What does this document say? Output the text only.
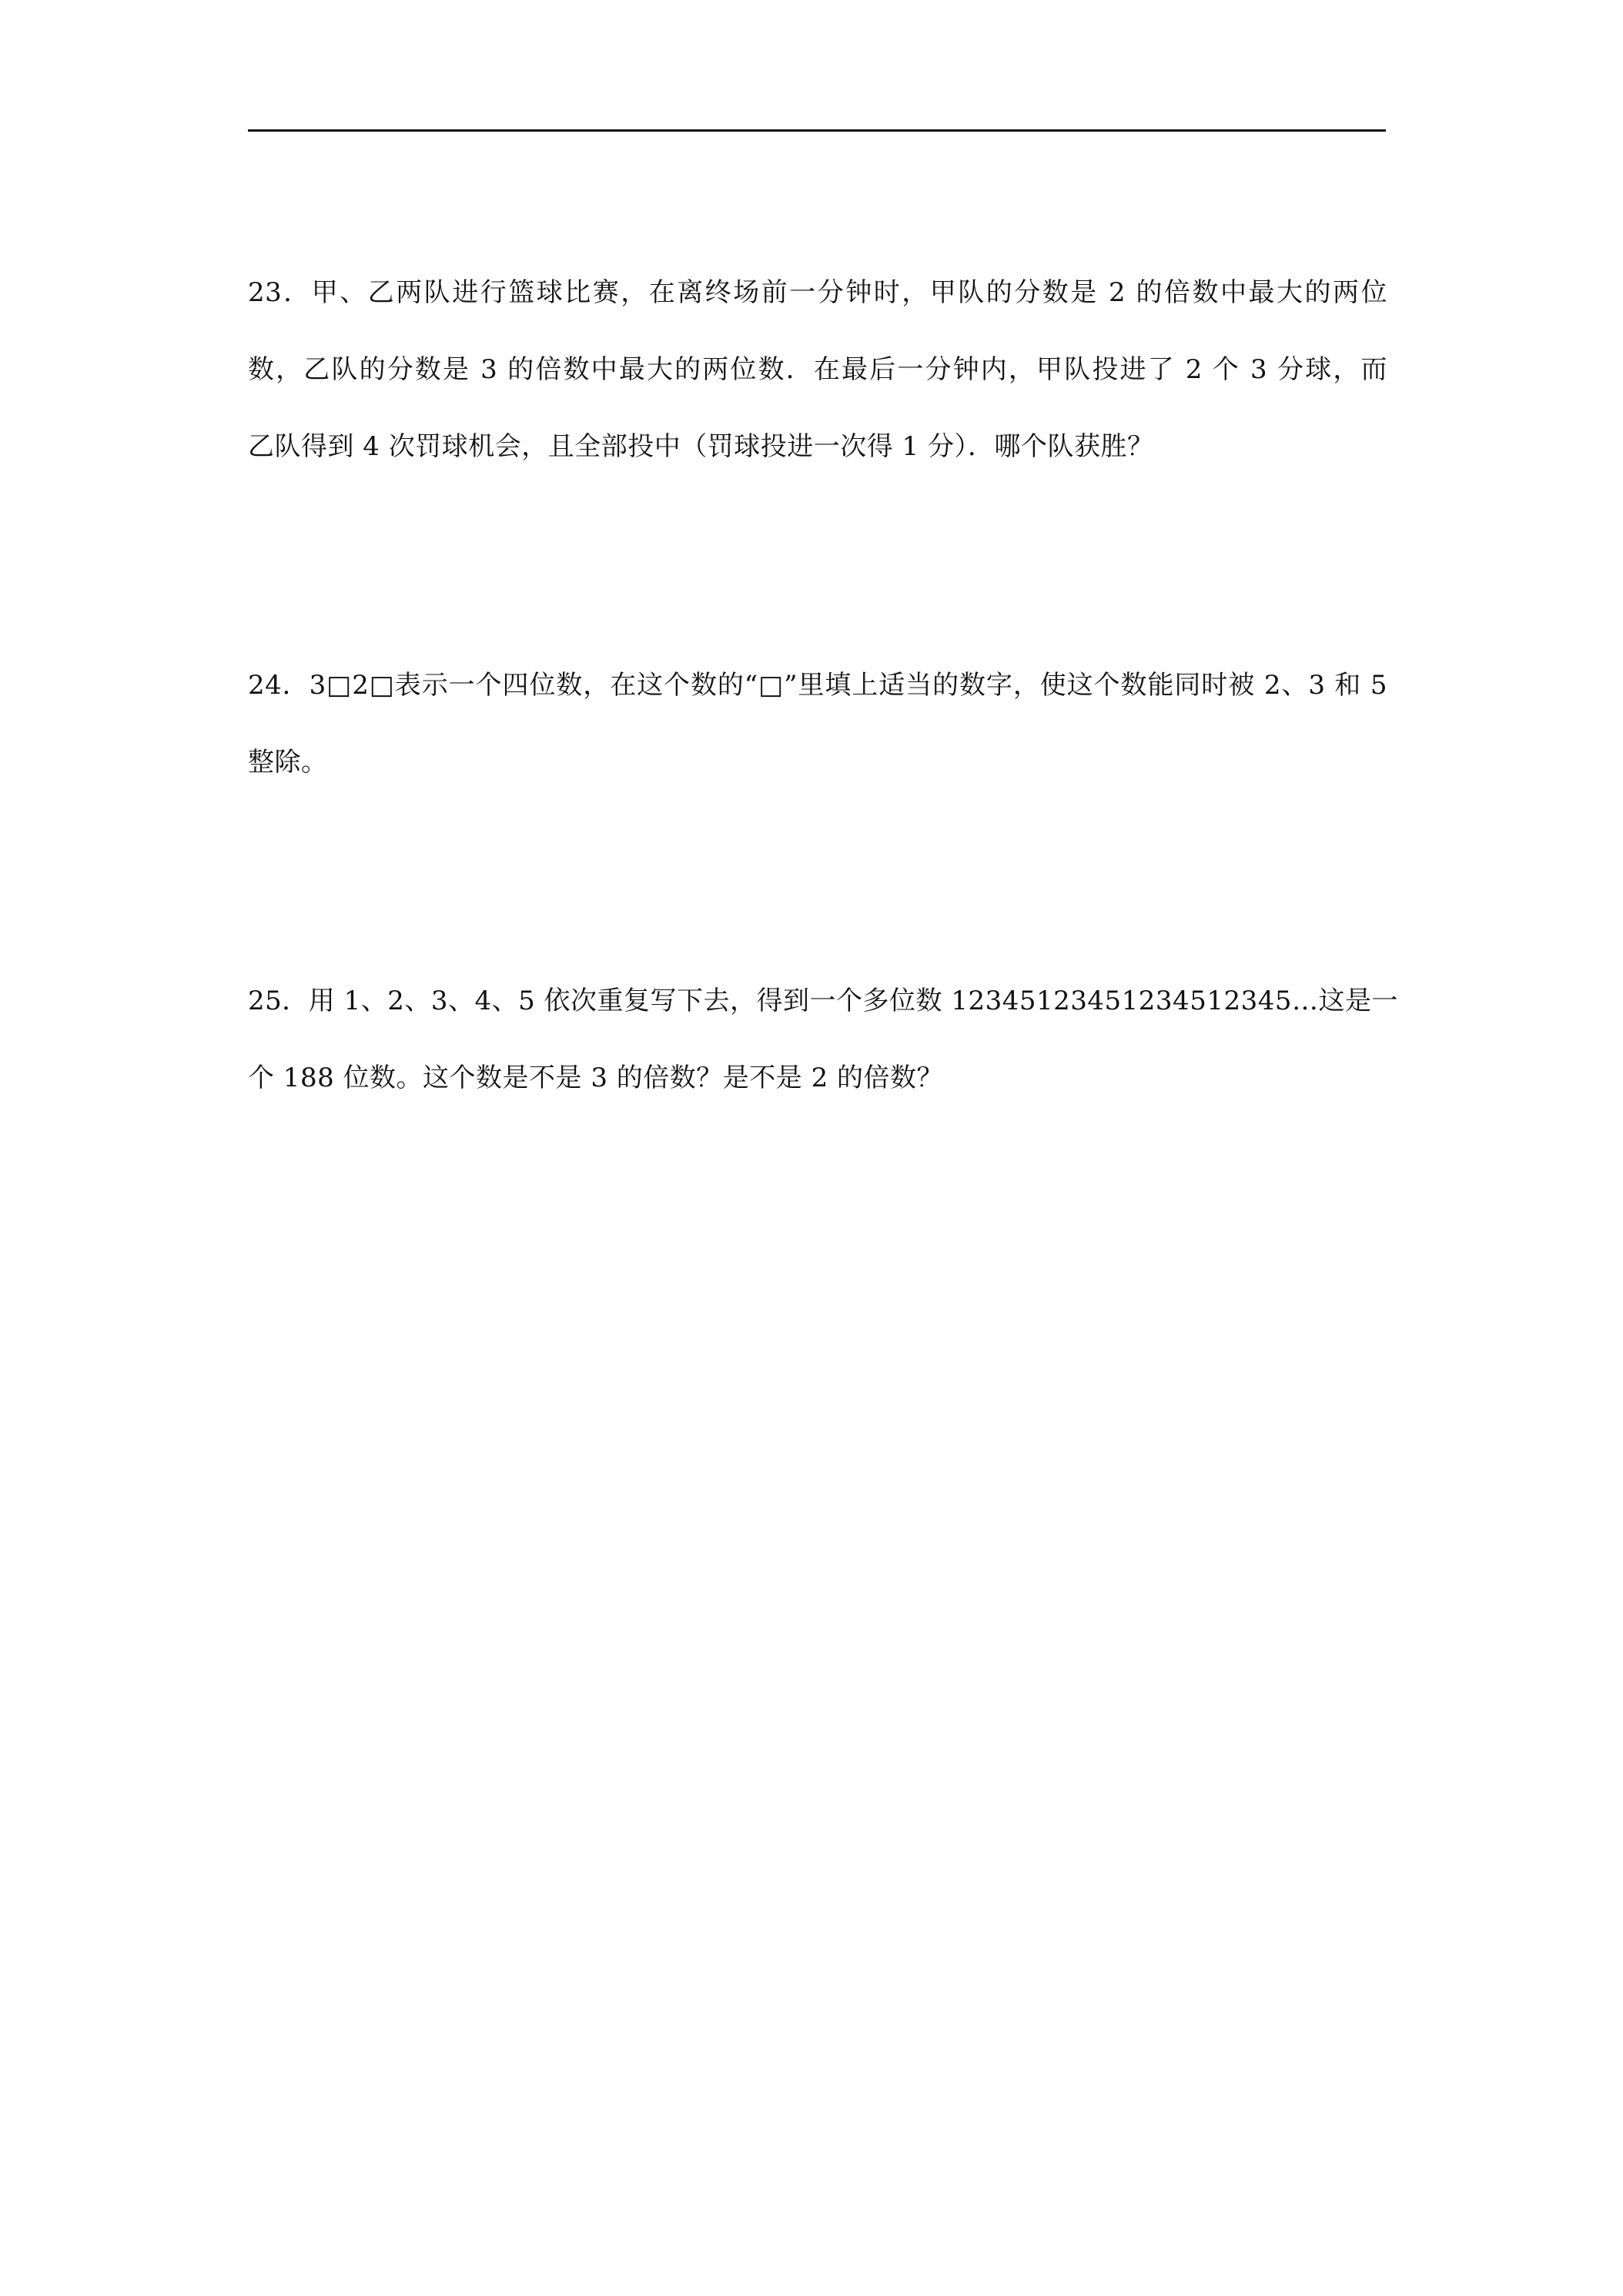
23．甲、乙两队进行篮球比赛，在离终场前一分钟时，甲队的分数是 2 的倍数中最大的两位
数，乙队的分数是 3 的倍数中最大的两位数．在最后一分钟内，甲队投进了 2 个 3 分球，而
乙队得到 4 次罚球机会，且全部投中（罚球投进一次得 1 分）．哪个队获胜？
24．3□2□表示一个四位数，在这个数的“□”里填上适当的数字，使这个数能同时被 2、3 和 5
整除。
25．用 1、2、3、4、5 依次重复写下去，得到一个多位数 12345123451234512345…这是一
个 188 位数。这个数是不是 3 的倍数？是不是 2 的倍数？
